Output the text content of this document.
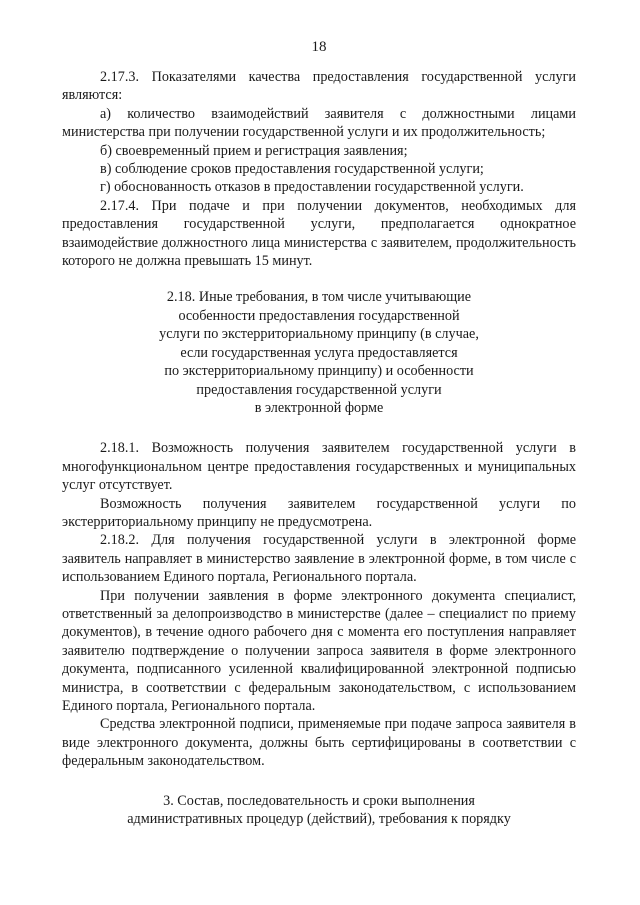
18

2.17.3. Показателями качества предоставления государственной услуги являются:

а) количество взаимодействий заявителя с должностными лицами министерства при получении государственной услуги и их продолжительность;

б) своевременный прием и регистрация заявления;

в) соблюдение сроков предоставления государственной услуги;

г) обоснованность отказов в предоставлении государственной услуги.

2.17.4. При подаче и при получении документов, необходимых для предоставления государственной услуги, предполагается однократное взаимодействие должностного лица министерства с заявителем, продолжительность которого не должна превышать 15 минут.

2.18. Иные требования, в том числе учитывающие

особенности предоставления государственной

услуги по экстерриториальному принципу (в случае,

если государственная услуга предоставляется

по экстерриториальному принципу) и особенности

предоставления государственной услуги

в электронной форме

2.18.1. Возможность получения заявителем государственной услуги в многофункциональном центре предоставления государственных и муниципальных услуг отсутствует.

Возможность получения заявителем государственной услуги по экстерриториальному принципу не предусмотрена.

2.18.2. Для получения государственной услуги в электронной форме заявитель направляет в министерство заявление в электронной форме, в том числе с использованием Единого портала, Регионального портала.

При получении заявления в форме электронного документа специалист, ответственный за делопроизводство в министерстве (далее – специалист по приему документов), в течение одного рабочего дня с момента его поступления направляет заявителю подтверждение о получении запроса заявителя в форме электронного документа, подписанного усиленной квалифицированной электронной подписью министра, в соответствии с федеральным законодательством, с использованием Единого портала, Регионального портала.

Средства электронной подписи, применяемые при подаче запроса заявителя в виде электронного документа, должны быть сертифицированы в соответствии с федеральным законодательством.

3. Состав, последовательность и сроки выполнения

административных процедур (действий), требования к порядку
